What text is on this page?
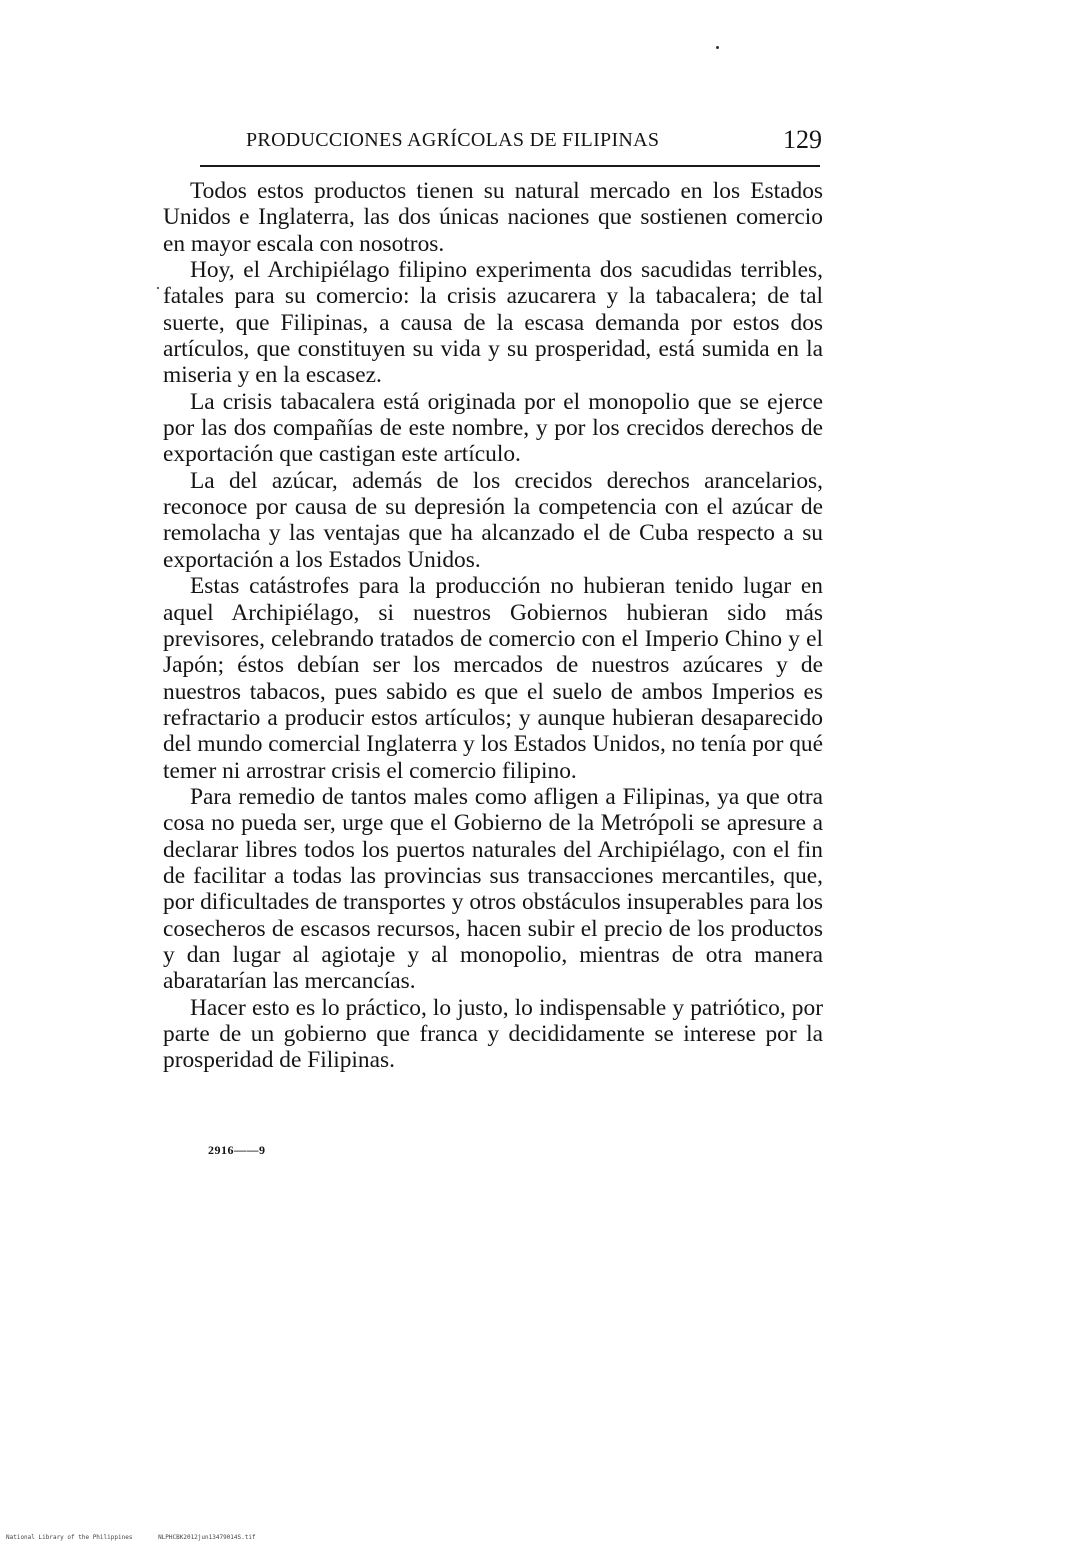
PRODUCCIONES AGRÍCOLAS DE FILIPINAS	129

Todos estos productos tienen su natural mercado en los Estados Unidos e Inglaterra, las dos únicas naciones que sostienen comercio en mayor escala con nosotros.

Hoy, el Archipiélago filipino experimenta dos sacudidas terribles, fatales para su comercio: la crisis azucarera y la tabacalera; de tal suerte, que Filipinas, a causa de la escasa demanda por estos dos artículos, que constituyen su vida y su prosperidad, está sumida en la miseria y en la escasez.

La crisis tabacalera está originada por el monopolio que se ejerce por las dos compañías de este nombre, y por los crecidos derechos de exportación que castigan este artículo.

La del azúcar, además de los crecidos derechos arancelarios, reconoce por causa de su depresión la competencia con el azúcar de remolacha y las ventajas que ha alcanzado el de Cuba respecto a su exportación a los Estados Unidos.

Estas catástrofes para la producción no hubieran tenido lugar en aquel Archipiélago, si nuestros Gobiernos hubieran sido más previsores, celebrando tratados de comercio con el Imperio Chino y el Japón; éstos debían ser los mercados de nuestros azúcares y de nuestros tabacos, pues sabido es que el suelo de ambos Imperios es refractario a producir estos artículos; y aunque hubieran desaparecido del mundo comercial Inglaterra y los Estados Unidos, no tenía por qué temer ni arrostrar crisis el comercio filipino.

Para remedio de tantos males como afligen a Filipinas, ya que otra cosa no pueda ser, urge que el Gobierno de la Metrópoli se apresure a declarar libres todos los puertos naturales del Archipiélago, con el fin de facilitar a todas las provincias sus transacciones mercantiles, que, por dificultades de transportes y otros obstáculos insuperables para los cosecheros de escasos recursos, hacen subir el precio de los productos y dan lugar al agiotaje y al monopolio, mientras de otra manera abaratarían las mercancías.

Hacer esto es lo práctico, lo justo, lo indispensable y patriótico, por parte de un gobierno que franca y decididamente se interese por la prosperidad de Filipinas.

2916——9
National Library of the Philippines	NLPHCBK2012jun13479014S.tif
